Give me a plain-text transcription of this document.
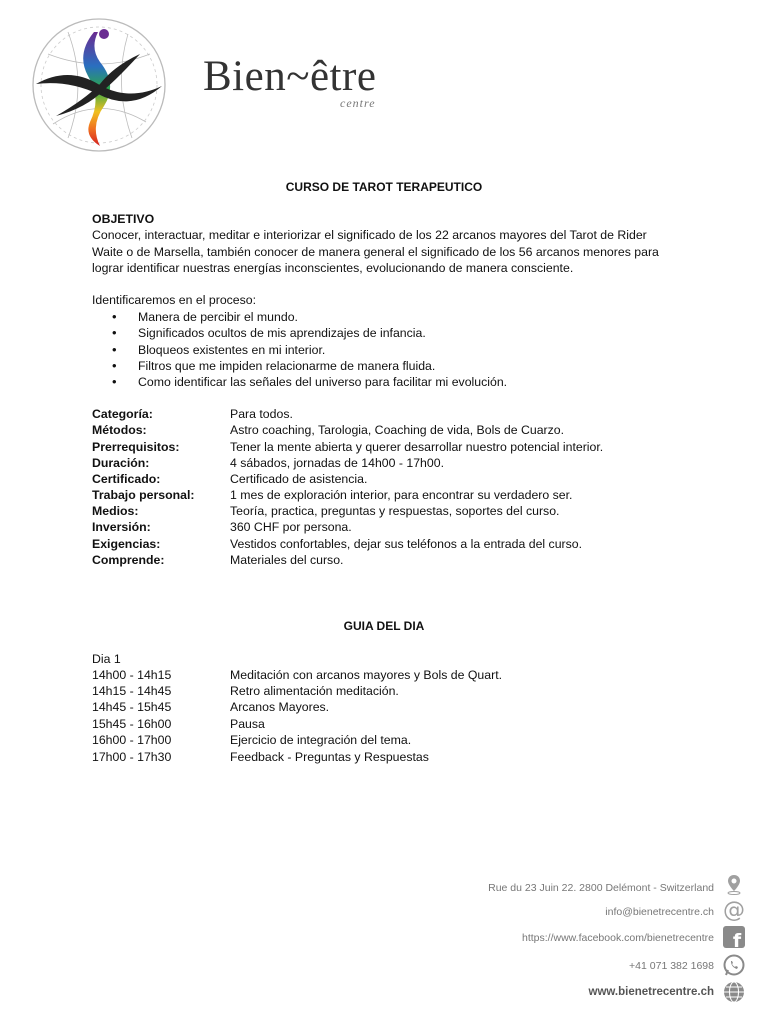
Bien~être
centre
CURSO DE TAROT TERAPEUTICO
OBJETIVO
Conocer, interactuar, meditar e interiorizar el significado de los 22 arcanos mayores del Tarot de Rider
Waite o de Marsella, también conocer de manera general el significado de los 56 arcanos menores para
lograr identificar nuestras energías inconscientes, evolucionando de manera consciente.
Identificaremos en el proceso:
• Manera de percibir el mundo.
• Significados ocultos de mis aprendizajes de infancia.
• Bloqueos existentes en mi interior.
• Filtros que me impiden relacionarme de manera fluida.
• Como identificar las señales del universo para facilitar mi evolución.
Categoría:	Para todos.
Métodos:	Astro coaching, Tarologia, Coaching de vida, Bols de Cuarzo.
Prerrequisitos:	Tener la mente abierta y querer desarrollar nuestro potencial interior.
Duración:	4 sábados, jornadas de 14h00 - 17h00.
Certificado:	Certificado de asistencia.
Trabajo personal:	1 mes de exploración interior, para encontrar su verdadero ser.
Medios:	Teoría, practica, preguntas y respuestas, soportes del curso.
Inversión:	360 CHF por persona.
Exigencias:	Vestidos confortables, dejar sus teléfonos a la entrada del curso.
Comprende:	Materiales del curso.
GUIA DEL DIA
Dia 1
14h00 - 14h15	Meditación con arcanos mayores y Bols de Quart.
14h15 - 14h45	Retro alimentación meditación.
14h45 - 15h45	Arcanos Mayores.
15h45 - 16h00	Pausa
16h00 - 17h00	Ejercicio de integración del tema.
17h00 - 17h30	Feedback - Preguntas y Respuestas
Rue du 23 Juin 22. 2800 Delémont - Switzerland
info@bienetrecentre.ch @
https://www.facebook.com/bienetrecentre f
+41 071 382 1698
www.bienetrecentre.ch
